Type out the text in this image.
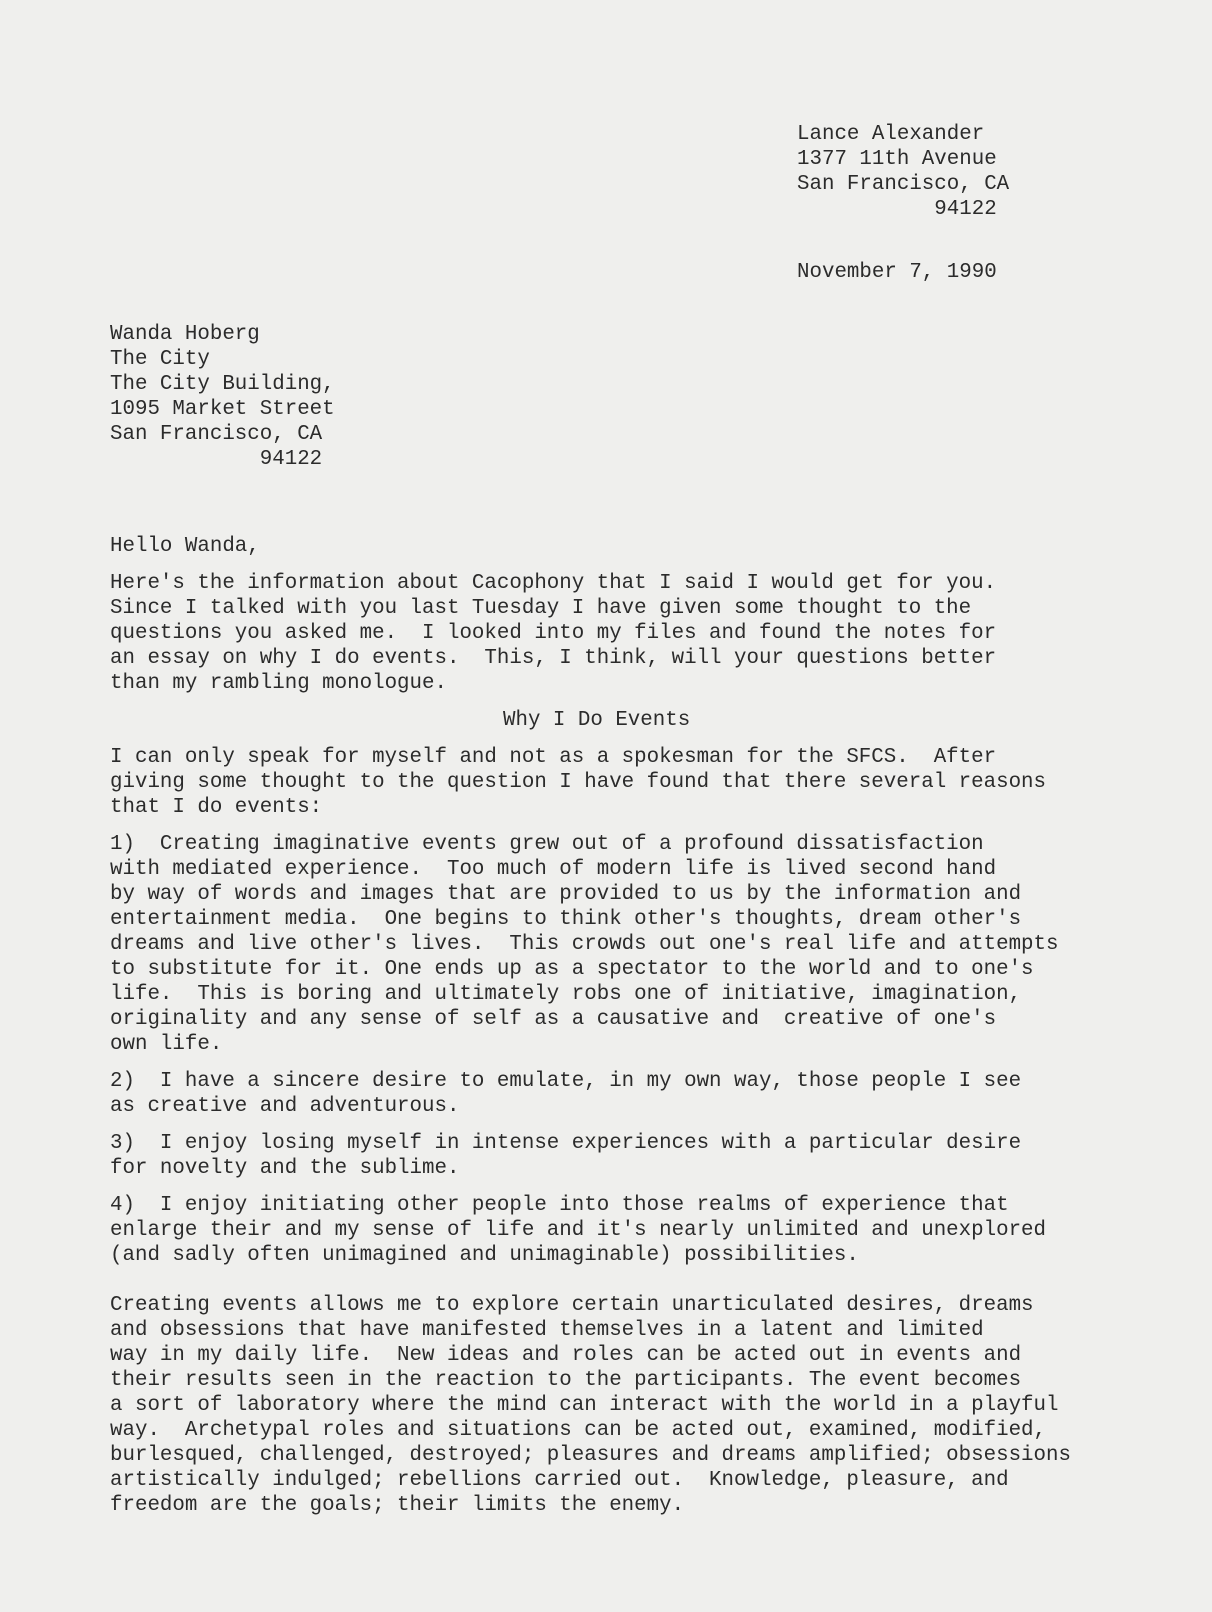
Lance Alexander
1377 11th Avenue
San Francisco, CA
94122
November 7, 1990
Wanda Hoberg
The City
The City Building,
1095 Market Street
San Francisco, CA
94122
Hello Wanda,
Here's the information about Cacophony that I said I would get for you.
Since I talked with you last Tuesday I have given some thought to the
questions you asked me.  I looked into my files and found the notes for
an essay on why I do events.  This, I think, will your questions better
than my rambling monologue.
Why I Do Events
I can only speak for myself and not as a spokesman for the SFCS.  After
giving some thought to the question I have found that there several reasons
that I do events:
1)  Creating imaginative events grew out of a profound dissatisfaction
with mediated experience.  Too much of modern life is lived second hand
by way of words and images that are provided to us by the information and
entertainment media.  One begins to think other's thoughts, dream other's
dreams and live other's lives.  This crowds out one's real life and attempts
to substitute for it. One ends up as a spectator to the world and to one's
life.  This is boring and ultimately robs one of initiative, imagination,
originality and any sense of self as a causative and  creative of one's
own life.
2)  I have a sincere desire to emulate, in my own way, those people I see
as creative and adventurous.
3)  I enjoy losing myself in intense experiences with a particular desire
for novelty and the sublime.
4)  I enjoy initiating other people into those realms of experience that
enlarge their and my sense of life and it's nearly unlimited and unexplored
(and sadly often unimagined and unimaginable) possibilities.
Creating events allows me to explore certain unarticulated desires, dreams
and obsessions that have manifested themselves in a latent and limited
way in my daily life.  New ideas and roles can be acted out in events and
their results seen in the reaction to the participants. The event becomes
a sort of laboratory where the mind can interact with the world in a playful
way.  Archetypal roles and situations can be acted out, examined, modified,
burlesqued, challenged, destroyed; pleasures and dreams amplified; obsessions
artistically indulged; rebellions carried out.  Knowledge, pleasure, and
freedom are the goals; their limits the enemy.
